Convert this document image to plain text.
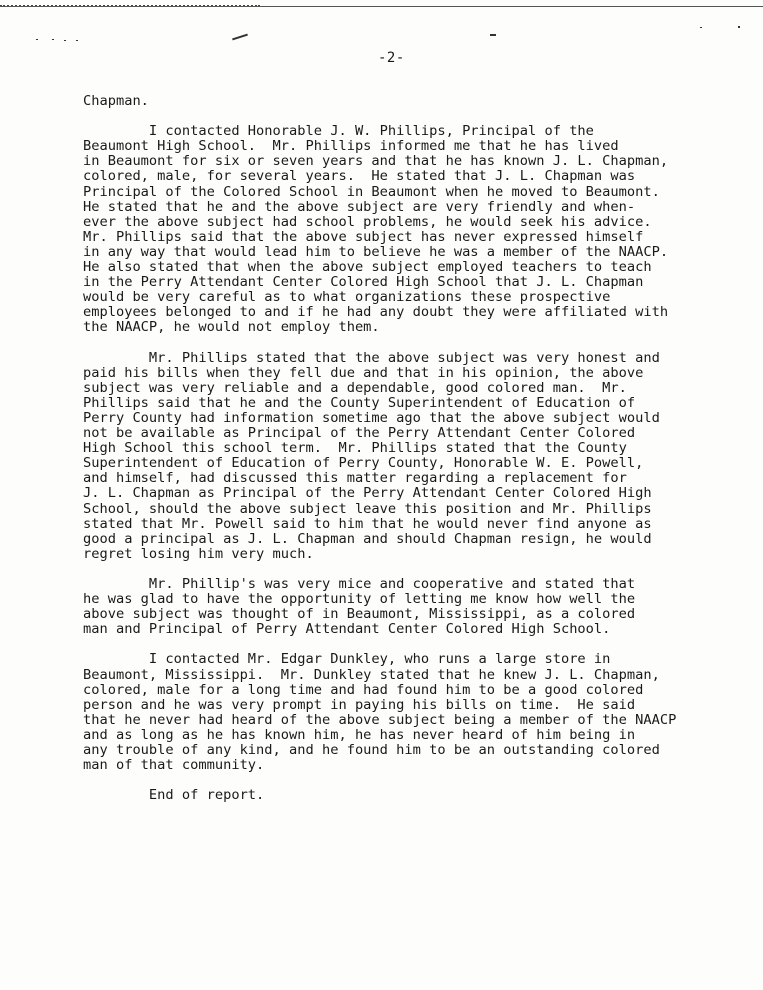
-2-
Chapman.
I contacted Honorable J. W. Phillips, Principal of the
Beaumont High School.  Mr. Phillips informed me that he has lived
in Beaumont for six or seven years and that he has known J. L. Chapman,
colored, male, for several years.  He stated that J. L. Chapman was
Principal of the Colored School in Beaumont when he moved to Beaumont.
He stated that he and the above subject are very friendly and when-
ever the above subject had school problems, he would seek his advice.
Mr. Phillips said that the above subject has never expressed himself
in any way that would lead him to believe he was a member of the NAACP.
He also stated that when the above subject employed teachers to teach
in the Perry Attendant Center Colored High School that J. L. Chapman
would be very careful as to what organizations these prospective
employees belonged to and if he had any doubt they were affiliated with
the NAACP, he would not employ them.
Mr. Phillips stated that the above subject was very honest and
paid his bills when they fell due and that in his opinion, the above
subject was very reliable and a dependable, good colored man.  Mr.
Phillips said that he and the County Superintendent of Education of
Perry County had information sometime ago that the above subject would
not be available as Principal of the Perry Attendant Center Colored
High School this school term.  Mr. Phillips stated that the County
Superintendent of Education of Perry County, Honorable W. E. Powell,
and himself, had discussed this matter regarding a replacement for
J. L. Chapman as Principal of the Perry Attendant Center Colored High
School, should the above subject leave this position and Mr. Phillips
stated that Mr. Powell said to him that he would never find anyone as
good a principal as J. L. Chapman and should Chapman resign, he would
regret losing him very much.
Mr. Phillip's was very mice and cooperative and stated that
he was glad to have the opportunity of letting me know how well the
above subject was thought of in Beaumont, Mississippi, as a colored
man and Principal of Perry Attendant Center Colored High School.
I contacted Mr. Edgar Dunkley, who runs a large store in
Beaumont, Mississippi.  Mr. Dunkley stated that he knew J. L. Chapman,
colored, male for a long time and had found him to be a good colored
person and he was very prompt in paying his bills on time.  He said
that he never had heard of the above subject being a member of the NAACP
and as long as he has known him, he has never heard of him being in
any trouble of any kind, and he found him to be an outstanding colored
man of that community.
End of report.
